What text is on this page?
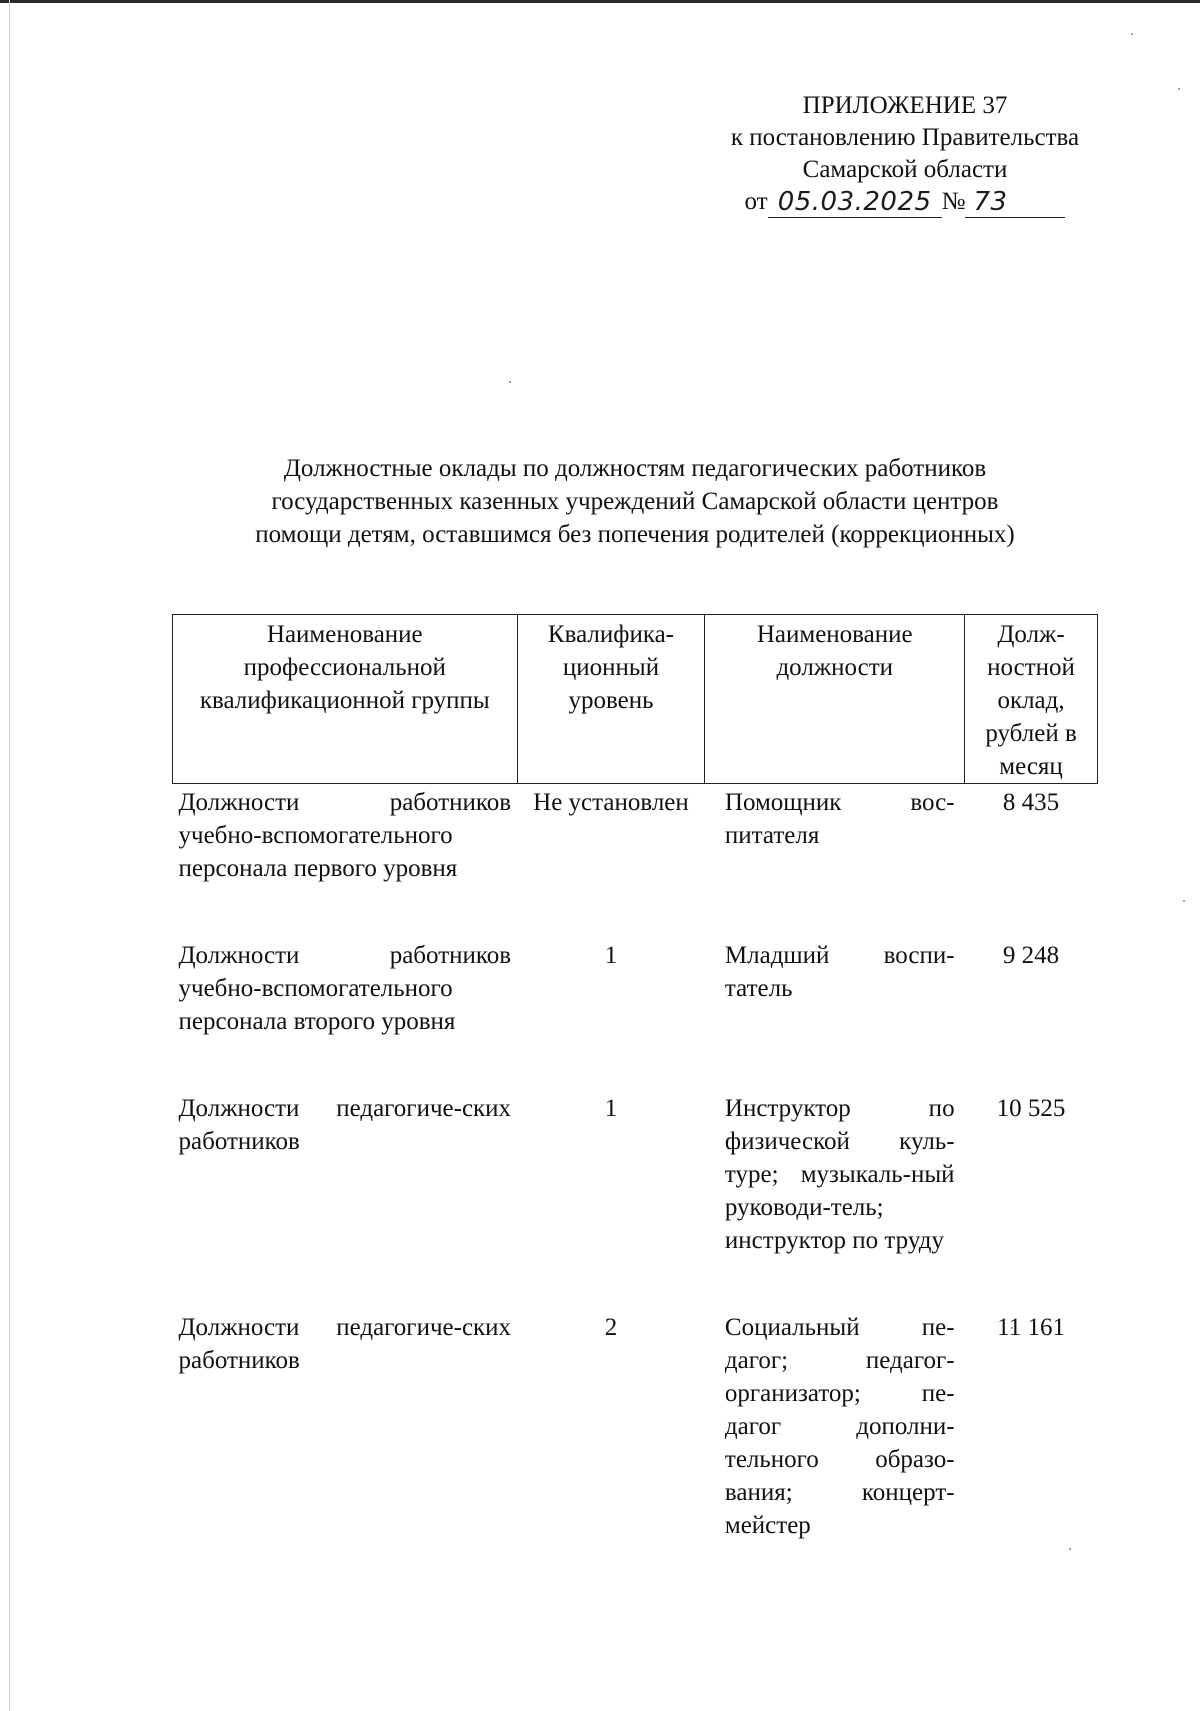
ПРИЛОЖЕНИЕ 37
к постановлению Правительства
Самарской области
от 05.03.2025 № 73
Должностные оклады по должностям педагогических работников
государственных казенных учреждений Самарской области центров
помощи детям, оставшимся без попечения родителей (коррекционных)
Наименование профессиональной квалификационной группы	Квалифика-ционный уровень	Наименование должности	Долж-ностной оклад, рублей в месяц
Должности работников учебно-вспомогательного персонала первого уровня	Не установлен	Помощник вос-питателя	8 435
Должности работников учебно-вспомогательного персонала второго уровня	1	Младший воспи-татель	9 248
Должности педагогиче-ских работников	1	Инструктор по физической куль-туре; музыкаль-ный руководи-тель; инструктор по труду	10 525
Должности педагогиче-ских работников	2	Социальный пе-дагог; педагог-организатор; пе-дагог дополни-тельного образо-вания; концерт-мейстер	11 161
